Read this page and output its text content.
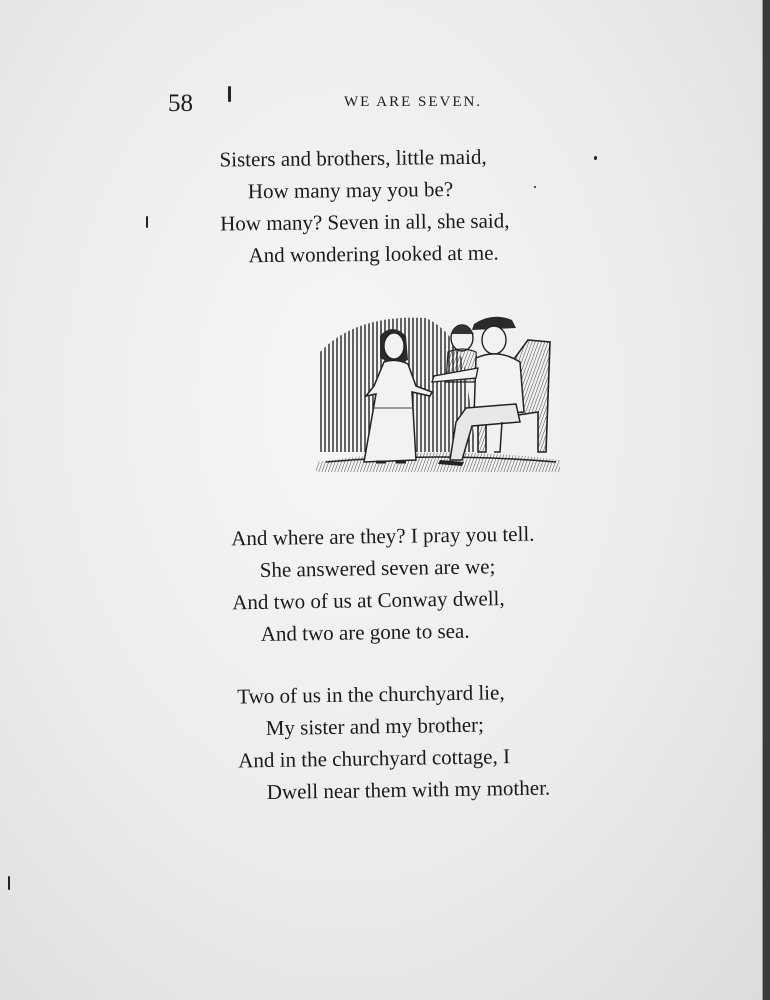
58	WE ARE SEVEN.
Sisters and brothers, little maid,
How many may you be?
How many? Seven in all, she said,
And wondering looked at me.
And where are they? I pray you tell.
She answered seven are we;
And two of us at Conway dwell,
And two are gone to sea.
Two of us in the churchyard lie,
My sister and my brother;
And in the churchyard cottage, I
Dwell near them with my mother.
